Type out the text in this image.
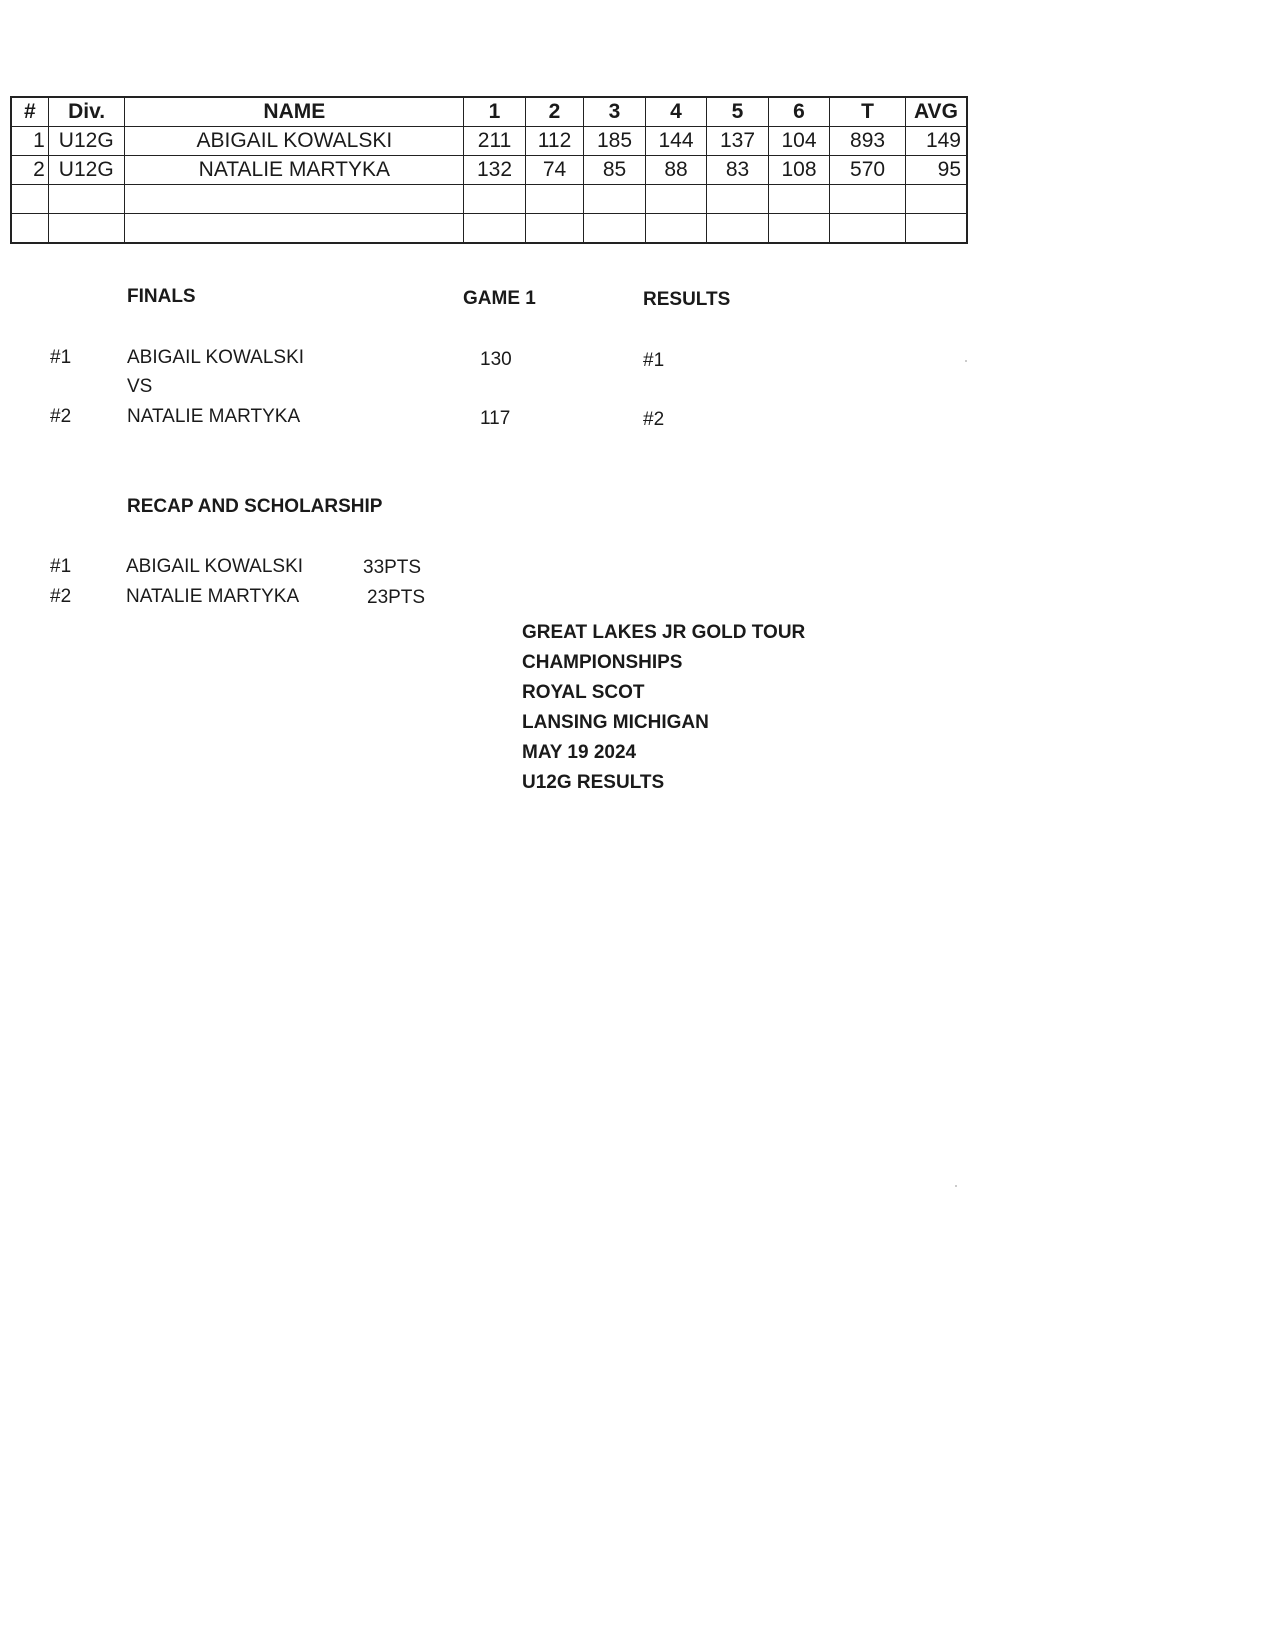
#	Div.	NAME	1	2	3	4	5	6	T	AVG
1	U12G	ABIGAIL KOWALSKI	211	112	185	144	137	104	893	149
2	U12G	NATALIE MARTYKA	132	74	85	88	83	108	570	95

FINALS	GAME 1	RESULTS
#1	ABIGAIL KOWALSKI	130	#1
VS
#2	NATALIE MARTYKA	117	#2
RECAP AND SCHOLARSHIP
#1	ABIGAIL KOWALSKI	33PTS
#2	NATALIE MARTYKA	23PTS
GREAT LAKES JR GOLD TOUR
CHAMPIONSHIPS
ROYAL SCOT
LANSING MICHIGAN
MAY 19 2024
U12G RESULTS
